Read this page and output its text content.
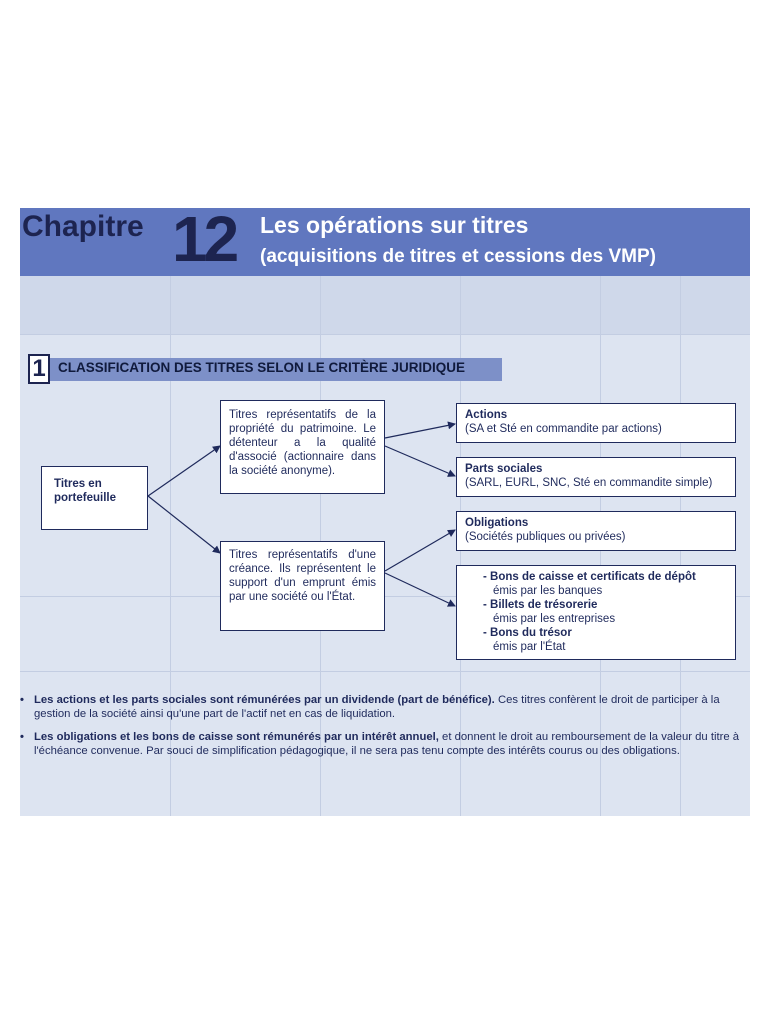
Chapitre 12 Les opérations sur titres
(acquisitions de titres et cessions des VMP)
1 CLASSIFICATION DES TITRES SELON LE CRITÈRE JURIDIQUE
Titres en portefeuille
Titres représentatifs de la propriété du patrimoine. Le détenteur a la qualité d'associé (actionnaire dans la société anonyme).
Titres représentatifs d'une créance. Ils représentent le support d'un emprunt émis par une société ou l'État.
Actions
(SA et Sté en commandite par actions)
Parts sociales
(SARL, EURL, SNC, Sté en commandite simple)
Obligations
(Sociétés publiques ou privées)
- Bons de caisse et certificats de dépôt
émis par les banques
- Billets de trésorerie
émis par les entreprises
- Bons du trésor
émis par l'État
• Les actions et les parts sociales sont rémunérées par un dividende (part de bénéfice). Ces titres confèrent le droit de participer à la gestion de la société ainsi qu'une part de l'actif net en cas de liquidation.
• Les obligations et les bons de caisse sont rémunérés par un intérêt annuel, et donnent le droit au remboursement de la valeur du titre à l'échéance convenue. Par souci de simplification pédagogique, il ne sera pas tenu compte des intérêts courus ou des obligations.
